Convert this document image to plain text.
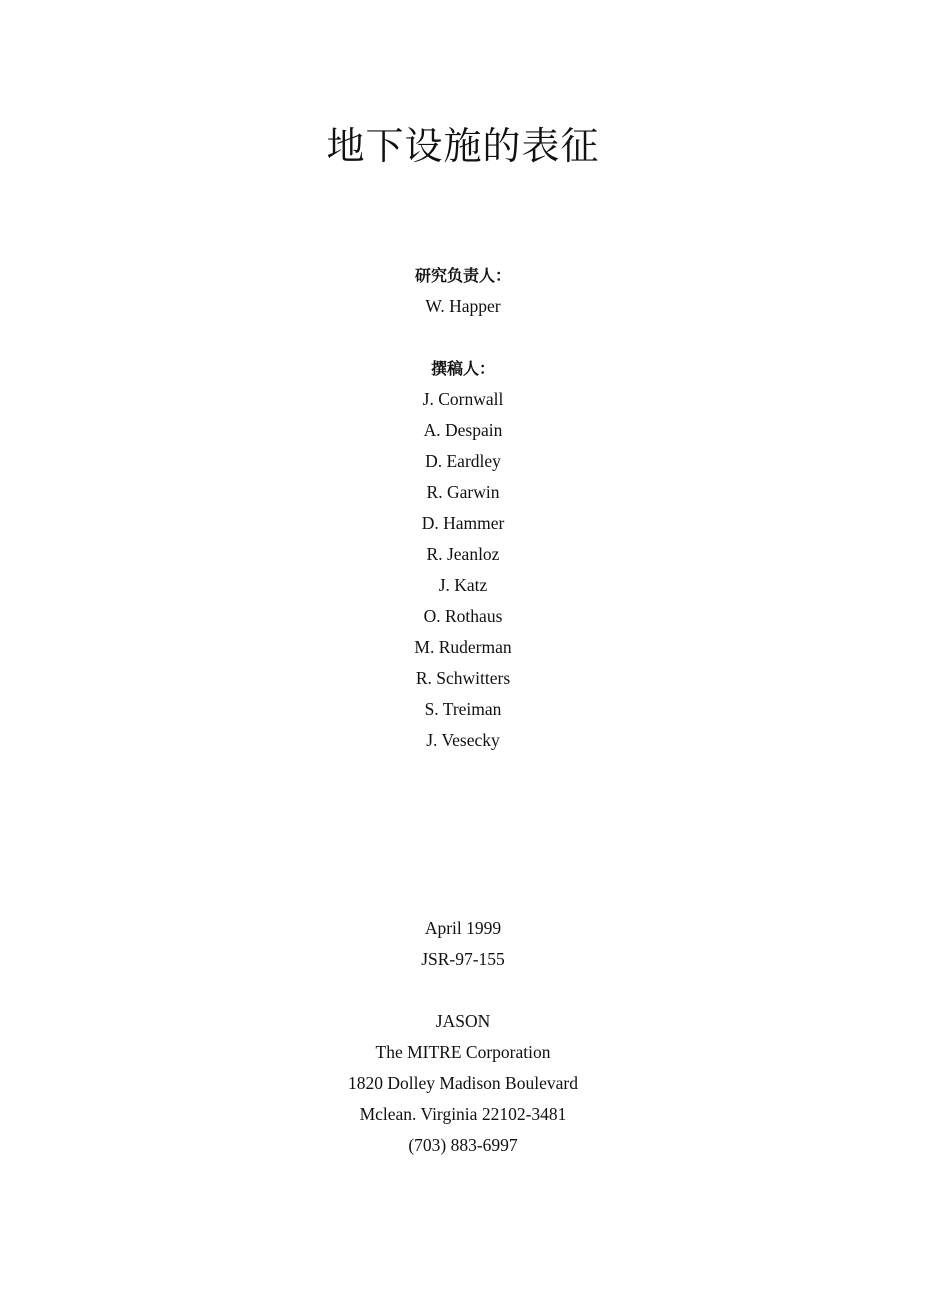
地下设施的表征
研究负责人：
W. Happer
撰稿人：
J. Cornwall
A. Despain
D. Eardley
R. Garwin
D. Hammer
R. Jeanloz
J. Katz
O. Rothaus
M. Ruderman
R. Schwitters
S. Treiman
J. Vesecky
April 1999
JSR-97-155
JASON
The MITRE Corporation
1820 Dolley Madison Boulevard
Mclean. Virginia 22102-3481
(703) 883-6997
